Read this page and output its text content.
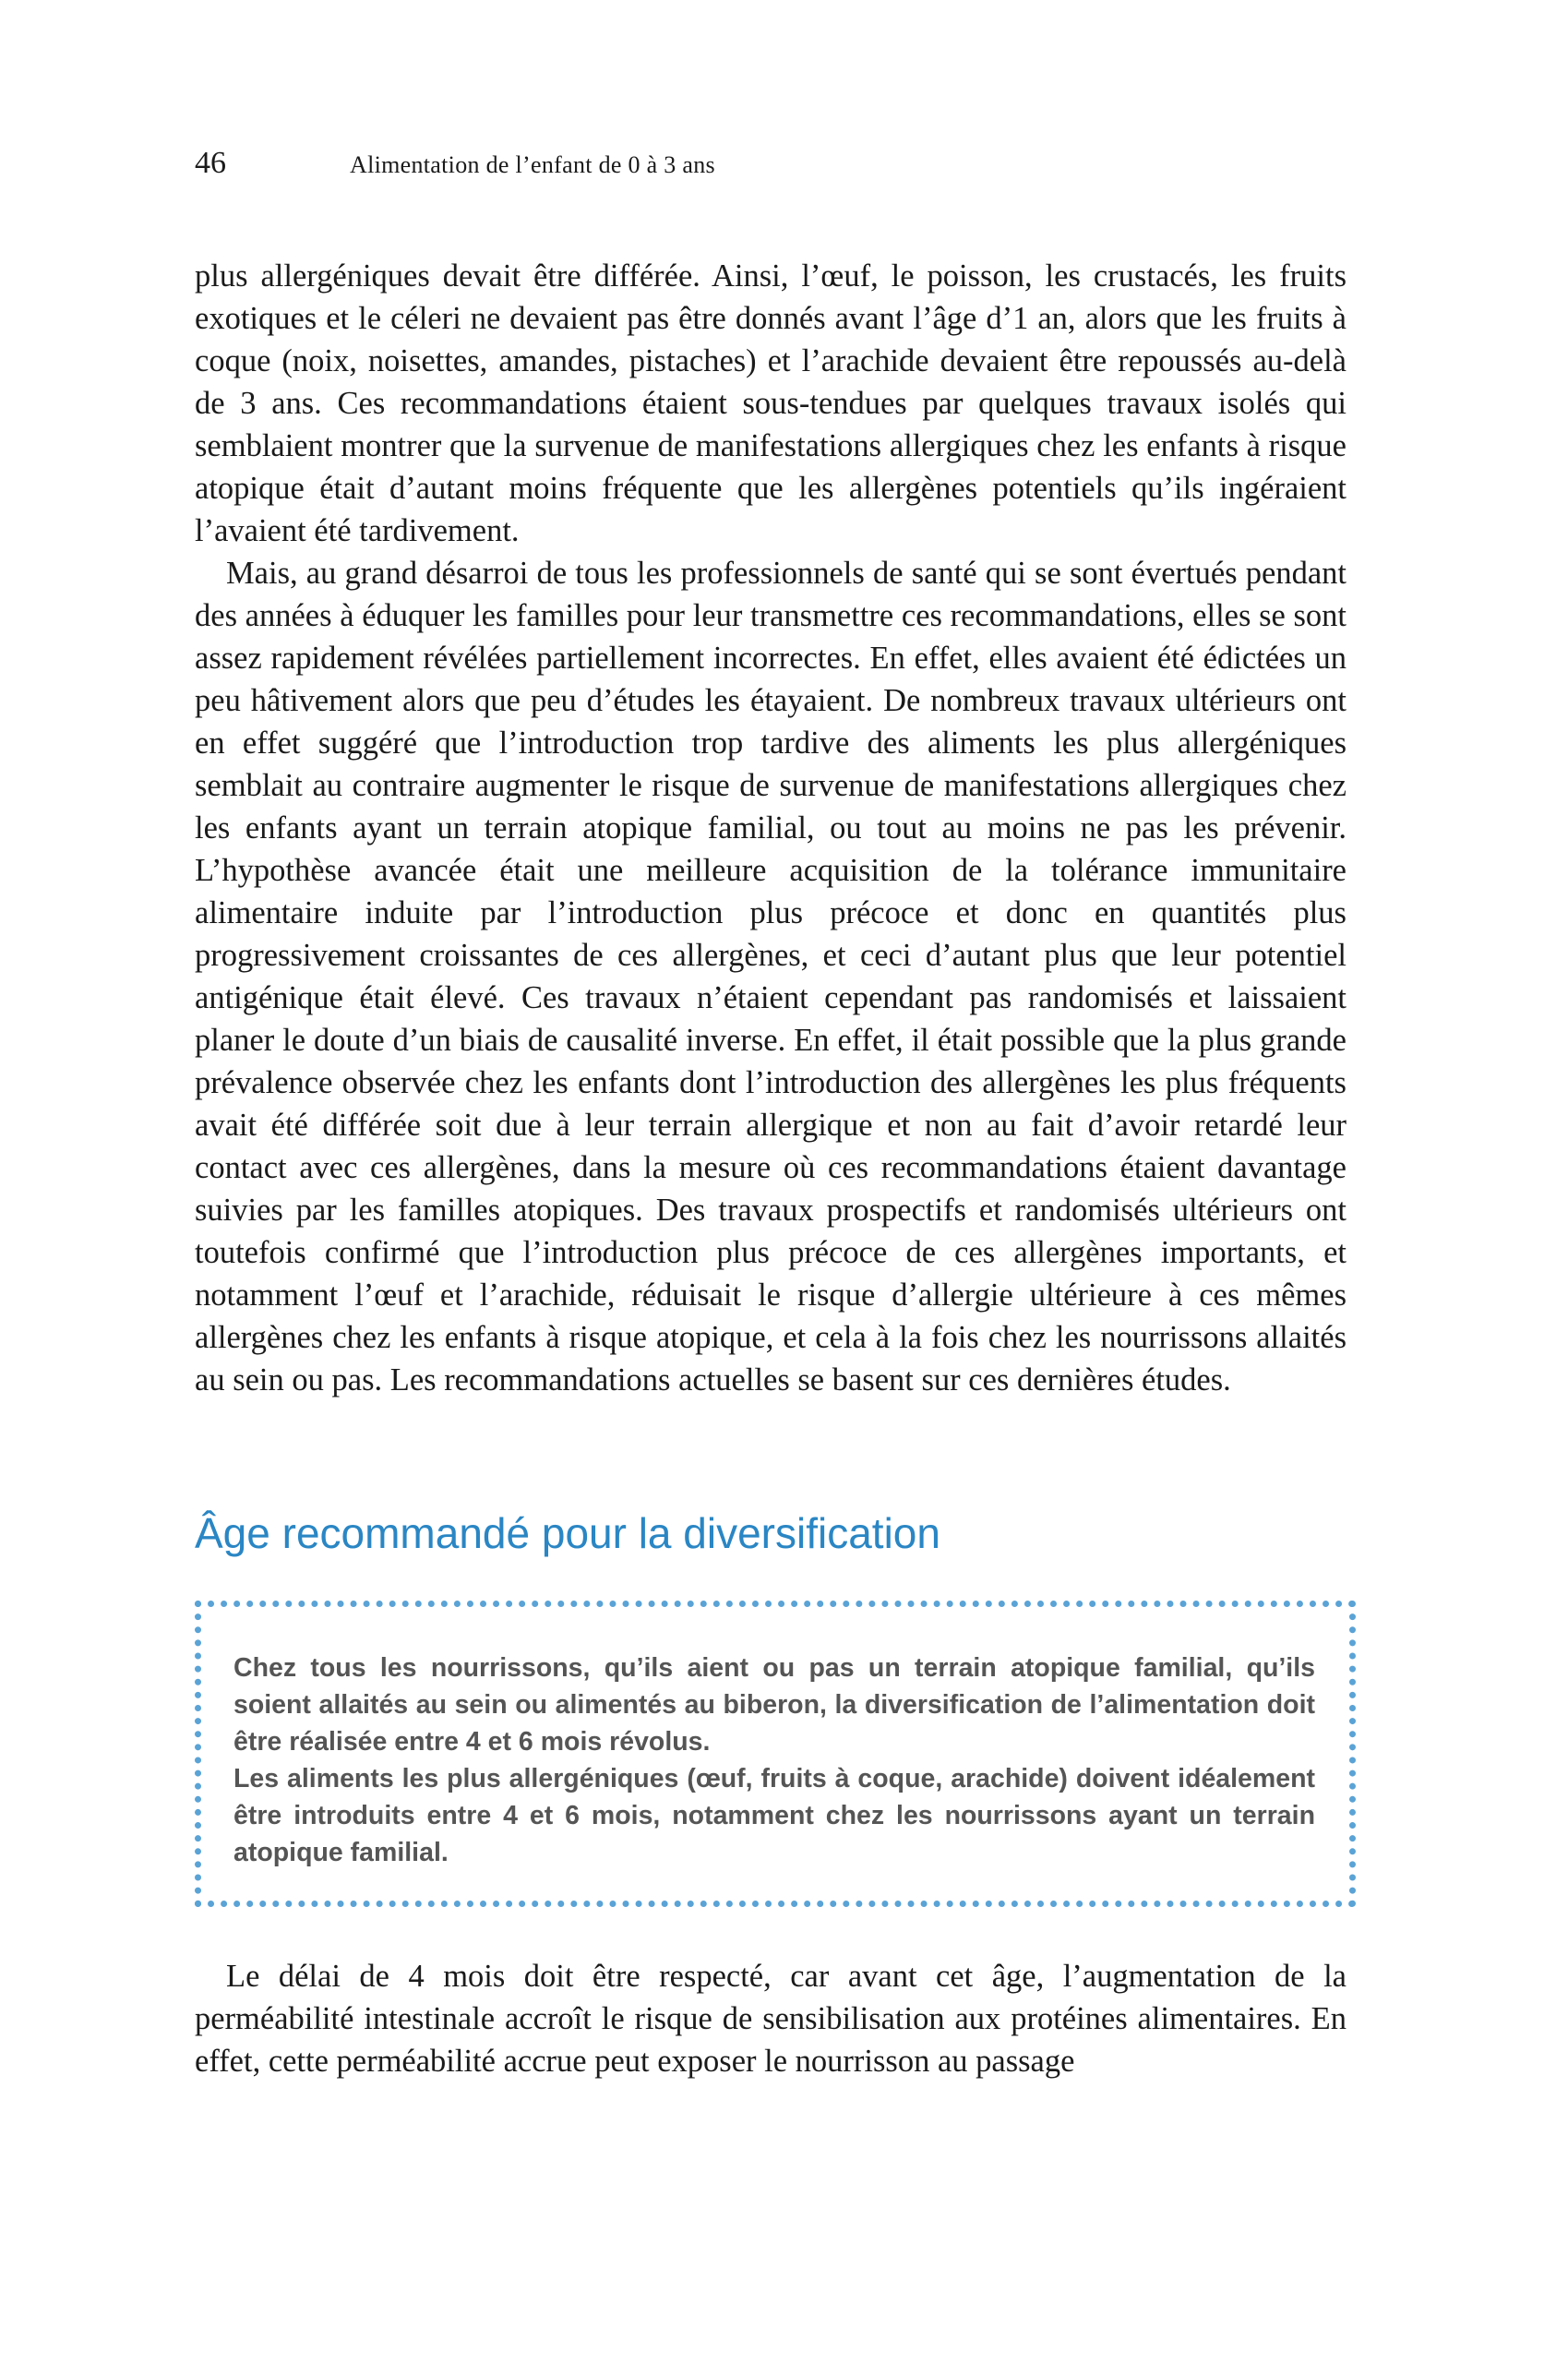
46	Alimentation de l’enfant de 0 à 3 ans

plus allergéniques devait être différée. Ainsi, l’œuf, le poisson, les crustacés, les fruits exotiques et le céleri ne devaient pas être donnés avant l’âge d’1 an, alors que les fruits à coque (noix, noisettes, amandes, pistaches) et l’arachide devaient être repoussés au-delà de 3 ans. Ces recommandations étaient sous-tendues par quelques travaux isolés qui semblaient montrer que la survenue de manifestations allergiques chez les enfants à risque atopique était d’autant moins fréquente que les allergènes potentiels qu’ils ingéraient l’avaient été tardivement.

Mais, au grand désarroi de tous les professionnels de santé qui se sont évertués pendant des années à éduquer les familles pour leur transmettre ces recommandations, elles se sont assez rapidement révélées partiellement incorrectes. En effet, elles avaient été édictées un peu hâtivement alors que peu d’études les étayaient. De nombreux travaux ultérieurs ont en effet suggéré que l’introduction trop tardive des aliments les plus allergéniques semblait au contraire augmenter le risque de survenue de manifestations allergiques chez les enfants ayant un terrain atopique familial, ou tout au moins ne pas les prévenir. L’hypothèse avancée était une meilleure acquisition de la tolérance immunitaire alimentaire induite par l’introduction plus précoce et donc en quantités plus progressivement croissantes de ces allergènes, et ceci d’autant plus que leur potentiel antigénique était élevé. Ces travaux n’étaient cependant pas randomisés et laissaient planer le doute d’un biais de causalité inverse. En effet, il était possible que la plus grande prévalence observée chez les enfants dont l’introduction des allergènes les plus fréquents avait été différée soit due à leur terrain allergique et non au fait d’avoir retardé leur contact avec ces allergènes, dans la mesure où ces recommandations étaient davantage suivies par les familles atopiques. Des travaux prospectifs et randomisés ultérieurs ont toutefois confirmé que l’introduction plus précoce de ces allergènes importants, et notamment l’œuf et l’arachide, réduisait le risque d’allergie ultérieure à ces mêmes allergènes chez les enfants à risque atopique, et cela à la fois chez les nourrissons allaités au sein ou pas. Les recommandations actuelles se basent sur ces dernières études.

Âge recommandé pour la diversification

Chez tous les nourrissons, qu’ils aient ou pas un terrain atopique familial, qu’ils soient allaités au sein ou alimentés au biberon, la diversification de l’alimentation doit être réalisée entre 4 et 6 mois révolus.

Les aliments les plus allergéniques (œuf, fruits à coque, arachide) doivent idéalement être introduits entre 4 et 6 mois, notamment chez les nourrissons ayant un terrain atopique familial.

Le délai de 4 mois doit être respecté, car avant cet âge, l’augmentation de la perméabilité intestinale accroît le risque de sensibilisation aux protéines alimentaires. En effet, cette perméabilité accrue peut exposer le nourrisson au passage
